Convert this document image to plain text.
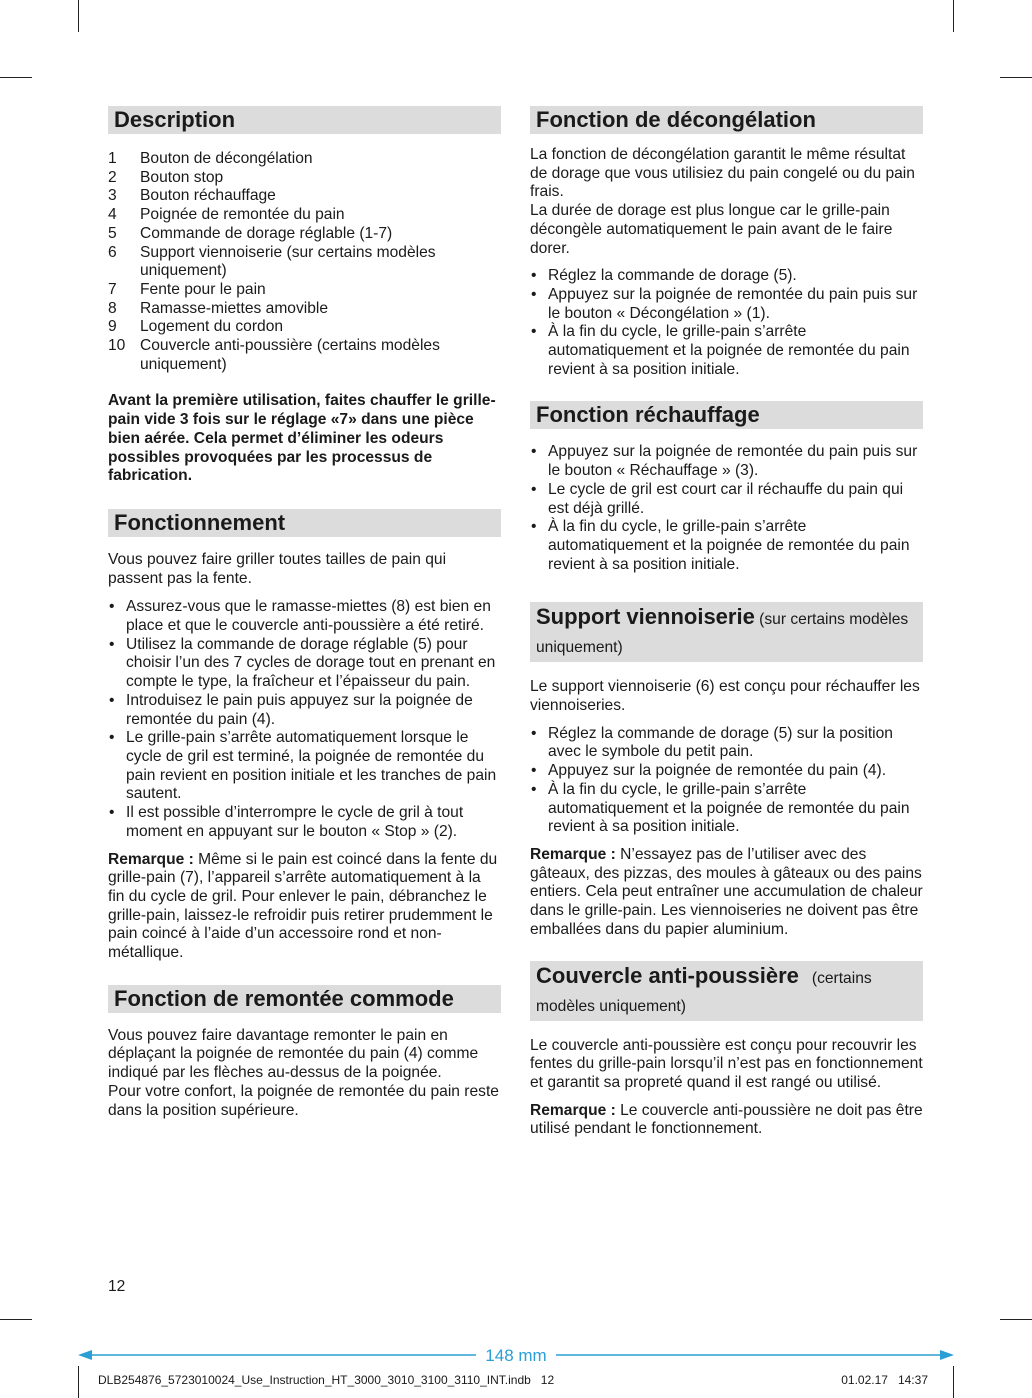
Description
1	Bouton de décongélation
2	Bouton stop
3	Bouton réchauffage
4	Poignée de remontée du pain
5	Commande de dorage réglable (1-7)
6	Support viennoiserie (sur certains modèles uniquement)
7	Fente pour le pain
8	Ramasse-miettes amovible
9	Logement du cordon
10 Couvercle anti-poussière (certains modèles uniquement)

Avant la première utilisation, faites chauffer le grille-pain vide 3 fois sur le réglage «7» dans une pièce bien aérée. Cela permet d’éliminer les odeurs possibles provoquées par les processus de fabrication.

Fonctionnement

Vous pouvez faire griller toutes tailles de pain qui passent pas la fente.

• Assurez-vous que le ramasse-miettes (8) est bien en place et que le couvercle anti-poussière a été retiré.
• Utilisez la commande de dorage réglable (5) pour choisir l’un des 7 cycles de dorage tout en prenant en compte le type, la fraîcheur et l’épaisseur du pain.
• Introduisez le pain puis appuyez sur la poignée de remontée du pain (4).
• Le grille-pain s’arrête automatiquement lorsque le cycle de gril est terminé, la poignée de remontée du pain revient en position initiale et les tranches de pain sautent.
• Il est possible d’interrompre le cycle de gril à tout moment en appuyant sur le bouton « Stop » (2).

Remarque : Même si le pain est coincé dans la fente du grille-pain (7), l’appareil s’arrête automatiquement à la fin du cycle de gril. Pour enlever le pain, débranchez le grille-pain, laissez-le refroidir puis retirer prudemment le pain coincé à l’aide d’un accessoire rond et non-métallique.

Fonction de remontée commode

Vous pouvez faire davantage remonter le pain en déplaçant la poignée de remontée du pain (4) comme indiqué par les flèches au-dessus de la poignée.

Pour votre confort, la poignée de remontée du pain reste dans la position supérieure.

Fonction de décongélation

La fonction de décongélation garantit le même résultat de dorage que vous utilisiez du pain congelé ou du pain frais.

La durée de dorage est plus longue car le grille-pain décongèle automatiquement le pain avant de le faire dorer.

• Réglez la commande de dorage (5).
• Appuyez sur la poignée de remontée du pain puis sur le bouton « Décongélation » (1).
• À la fin du cycle, le grille-pain s’arrête automatiquement et la poignée de remontée du pain revient à sa position initiale.
Fonction réchauffage
• Appuyez sur la poignée de remontée du pain puis sur le bouton « Réchauffage » (3).
• Le cycle de gril est court car il réchauffe du pain qui est déjà grillé.
• À la fin du cycle, le grille-pain s’arrête automatiquement et la poignée de remontée du pain revient à sa position initiale.
Support viennoiserie (sur certains modèles uniquement)

Le support viennoiserie (6) est conçu pour réchauffer les viennoiseries.

• Réglez la commande de dorage (5) sur la position avec le symbole du petit pain.
• Appuyez sur la poignée de remontée du pain (4).
• À la fin du cycle, le grille-pain s’arrête automatiquement et la poignée de remontée du pain revient à sa position initiale.

Remarque : N’essayez pas de l’utiliser avec des gâteaux, des pizzas, des moules à gâteaux ou des pains entiers. Cela peut entraîner une accumulation de chaleur dans le grille-pain. Les viennoiseries ne doivent pas être emballées dans du papier aluminium.

Couvercle anti-poussière   (certains modèles uniquement)

Le couvercle anti-poussière est conçu pour recouvrir les fentes du grille-pain lorsqu’il n’est pas en fonctionnement et garantit sa propreté quand il est rangé ou utilisé.

Remarque : Le couvercle anti-poussière ne doit pas être utilisé pendant le fonctionnement.

12
148 mm
DLB254876_5723010024_Use_Instruction_HT_3000_3010_3100_3110_INT.indb   12	01.02.17   14:37
